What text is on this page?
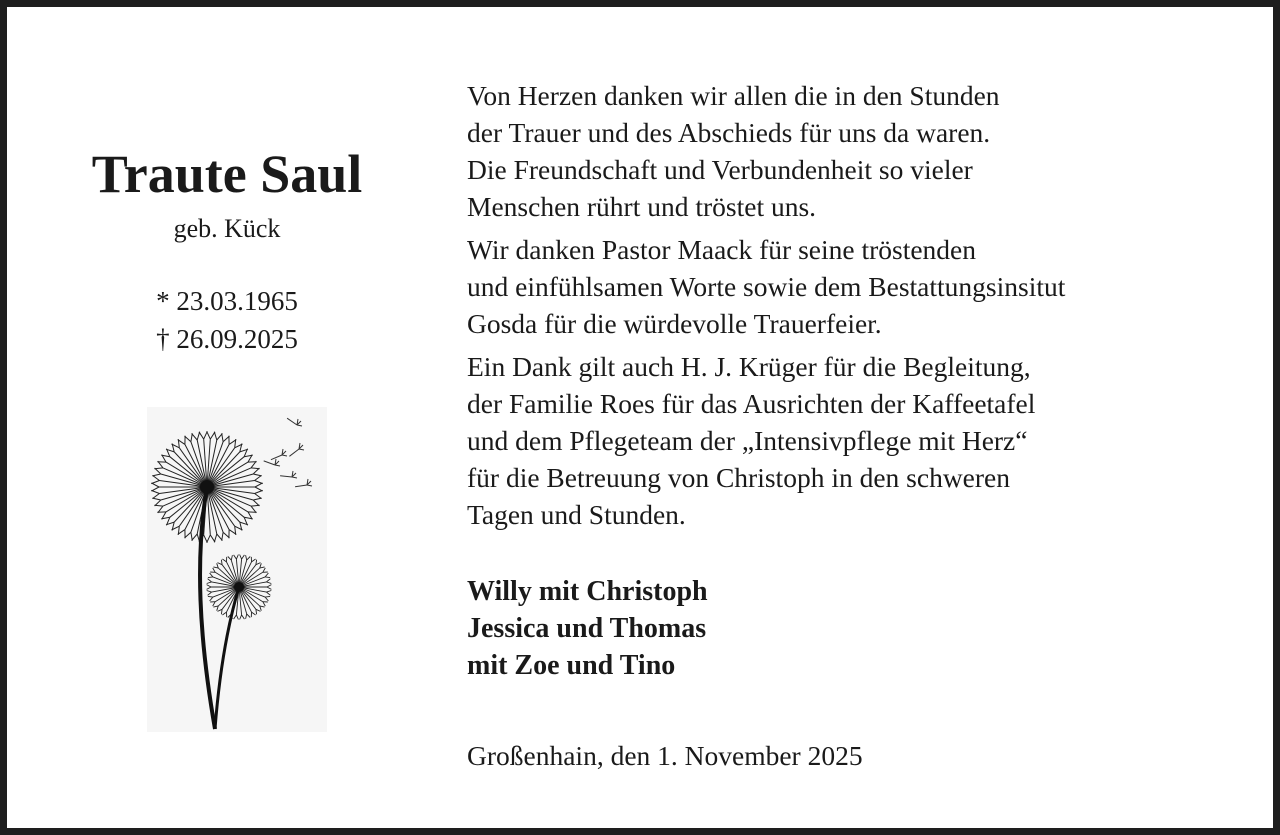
Traute Saul
geb. Kück
* 23.03.1965
† 26.09.2025

Von Herzen danken wir allen die in den Stunden
der Trauer und des Abschieds für uns da waren.
Die Freundschaft und Verbundenheit so vieler
Menschen rührt und tröstet uns.

Wir danken Pastor Maack für seine tröstenden
und einfühlsamen Worte sowie dem Bestattungsinsitut
Gosda für die würdevolle Trauerfeier.

Ein Dank gilt auch H. J. Krüger für die Begleitung,
der Familie Roes für das Ausrichten der Kaffeetafel
und dem Pflegeteam der „Intensivpflege mit Herz“
für die Betreuung von Christoph in den schweren
Tagen und Stunden.

Willy mit Christoph
Jessica und Thomas
mit Zoe und Tino
Großenhain, den 1. November 2025
